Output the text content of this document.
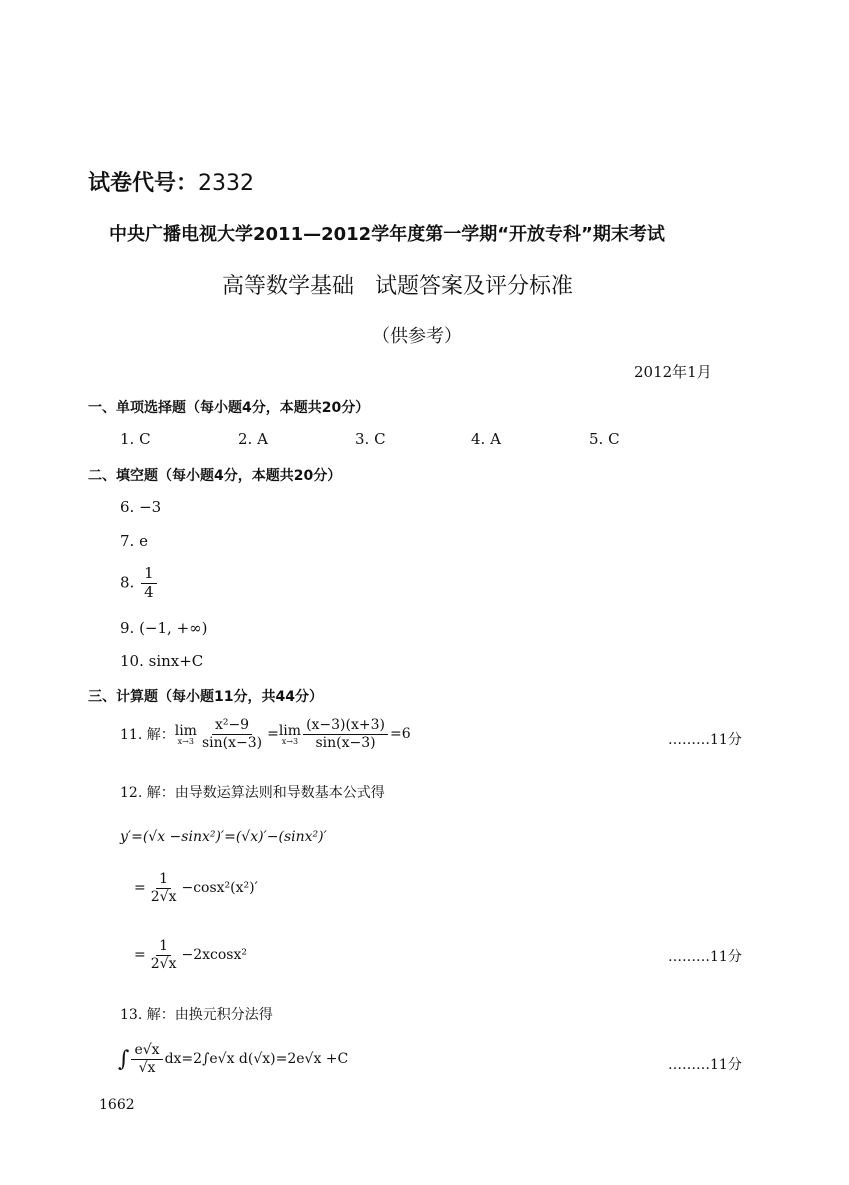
试卷代号：2332
中央广播电视大学2011—2012学年度第一学期“开放专科”期末考试
高等数学基础   试题答案及评分标准
（供参考）
2012年1月
一、单项选择题（每小题4分，本题共20分）
1. C	2. A	3. C	4. A	5. C
二、填空题（每小题4分，本题共20分）
6. −3
7. e
8. $\frac{1}{4}$
9. (−1, +∞)
10. sinx+C
三、计算题（每小题11分，共44分）
11. 解： lim
$x\to 3 \frac{\text{x²−9}}{\sin(x-3)} = \lim$
$x\to 3 \frac{(x-3)(x+3)}{\sin(x-3)} =6$	………11分
12. 解：由导数运算法则和导数基本公式得
y′=(√x −sinx²)′=(√x)′−(sinx²)′
= $\frac{1}{2√x} -\cos x^2(x^2)'$
= $\frac{1}{2√x} -2xcosx^2$	………11分
13. 解：由换元积分法得
∫ $\frac{e√x}{√x} dx=2\int e√x$ d(√x)=2e√x +C	………11分
1662
